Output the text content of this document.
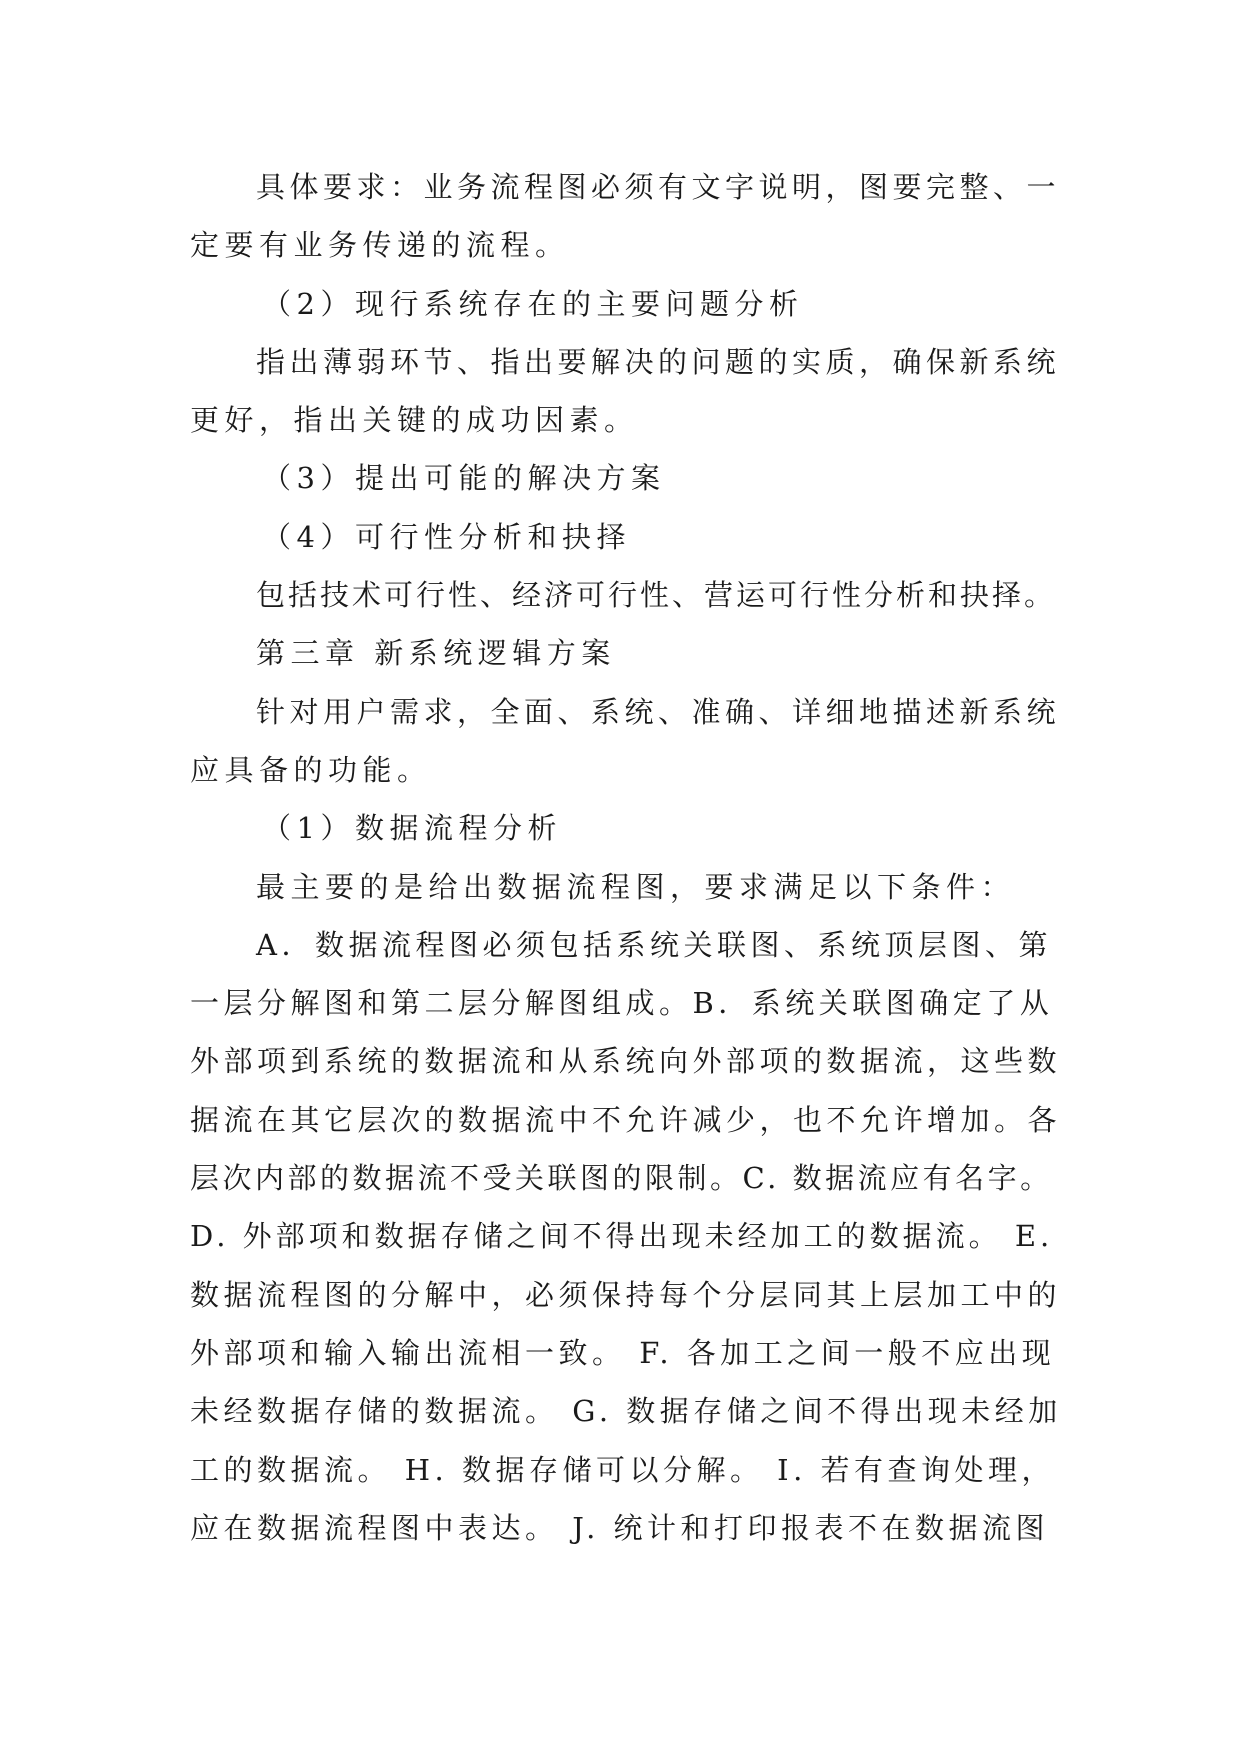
具体要求：业务流程图必须有文字说明，图要完整、一
定要有业务传递的流程。
（2）现行系统存在的主要问题分析
指出薄弱环节、指出要解决的问题的实质，确保新系统
更好，指出关键的成功因素。
（3）提出可能的解决方案
（4）可行性分析和抉择
包括技术可行性、经济可行性、营运可行性分析和抉择。
第三章 新系统逻辑方案
针对用户需求，全面、系统、准确、详细地描述新系统
应具备的功能。
（1）数据流程分析
最主要的是给出数据流程图，要求满足以下条件：
A．数据流程图必须包括系统关联图、系统顶层图、第
一层分解图和第二层分解图组成。B．系统关联图确定了从
外部项到系统的数据流和从系统向外部项的数据流，这些数
据流在其它层次的数据流中不允许减少，也不允许增加。各
层次内部的数据流不受关联图的限制。C. 数据流应有名字。
D. 外部项和数据存储之间不得出现未经加工的数据流。 E.
数据流程图的分解中，必须保持每个分层同其上层加工中的
外部项和输入输出流相一致。 F. 各加工之间一般不应出现
未经数据存储的数据流。 G. 数据存储之间不得出现未经加
工的数据流。 H. 数据存储可以分解。 I. 若有查询处理，
应在数据流程图中表达。 J. 统计和打印报表不在数据流图
